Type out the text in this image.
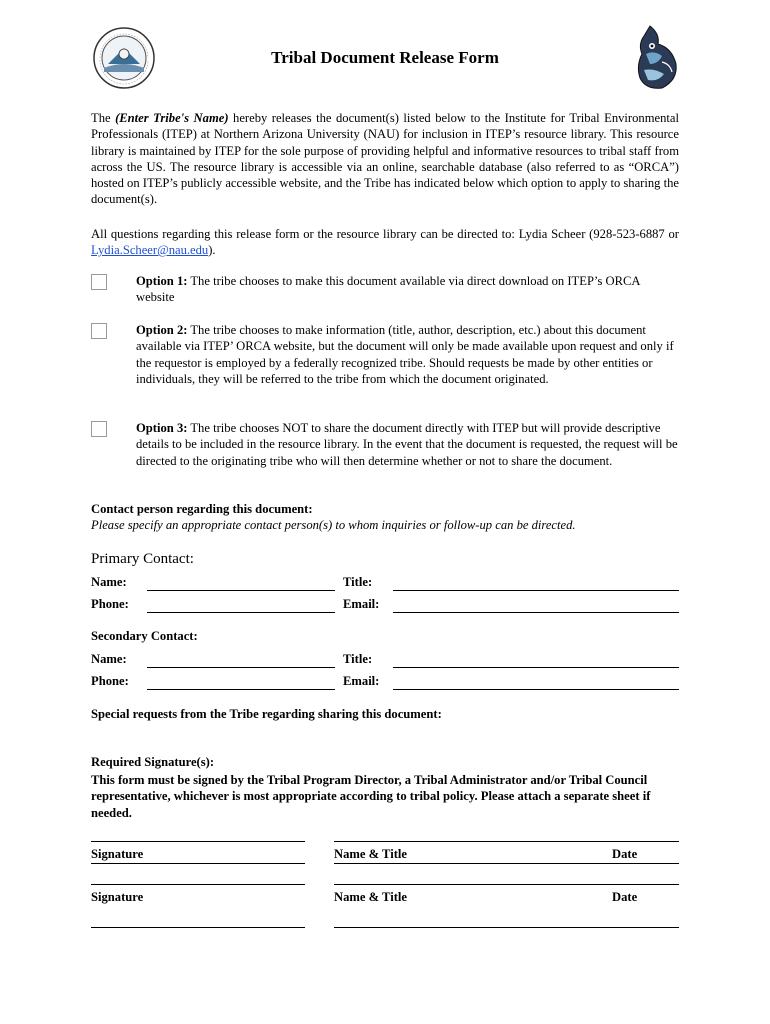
Tribal Document Release Form
The (Enter Tribe's Name) hereby releases the document(s) listed below to the Institute for Tribal Environmental Professionals (ITEP) at Northern Arizona University (NAU) for inclusion in ITEP’s resource library. This resource library is maintained by ITEP for the sole purpose of providing helpful and informative resources to tribal staff from across the US. The resource library is accessible via an online, searchable database (also referred to as “ORCA”) hosted on ITEP’s publicly accessible website, and the Tribe has indicated below which option to apply to sharing the document(s).
All questions regarding this release form or the resource library can be directed to: Lydia Scheer (928-523-6887 or Lydia.Scheer@nau.edu).
Option 1: The tribe chooses to make this document available via direct download on ITEP’s ORCA website
Option 2: The tribe chooses to make information (title, author, description, etc.) about this document available via ITEP’ ORCA website, but the document will only be made available upon request and only if the requestor is employed by a federally recognized tribe. Should requests be made by other entities or individuals, they will be referred to the tribe from which the document originated.
Option 3: The tribe chooses NOT to share the document directly with ITEP but will provide descriptive details to be included in the resource library. In the event that the document is requested, the request will be directed to the originating tribe who will then determine whether or not to share the document.
Contact person regarding this document:
Please specify an appropriate contact person(s) to whom inquiries or follow-up can be directed.
Primary Contact:
Name:	Title:
Phone:	Email:
Secondary Contact:
Name:	Title:
Phone:	Email:
Special requests from the Tribe regarding sharing this document:
Required Signature(s):
This form must be signed by the Tribal Program Director, a Tribal Administrator and/or Tribal Council representative, whichever is most appropriate according to tribal policy. Please attach a separate sheet if needed.
Signature	Name & Title	Date
Signature	Name & Title	Date
